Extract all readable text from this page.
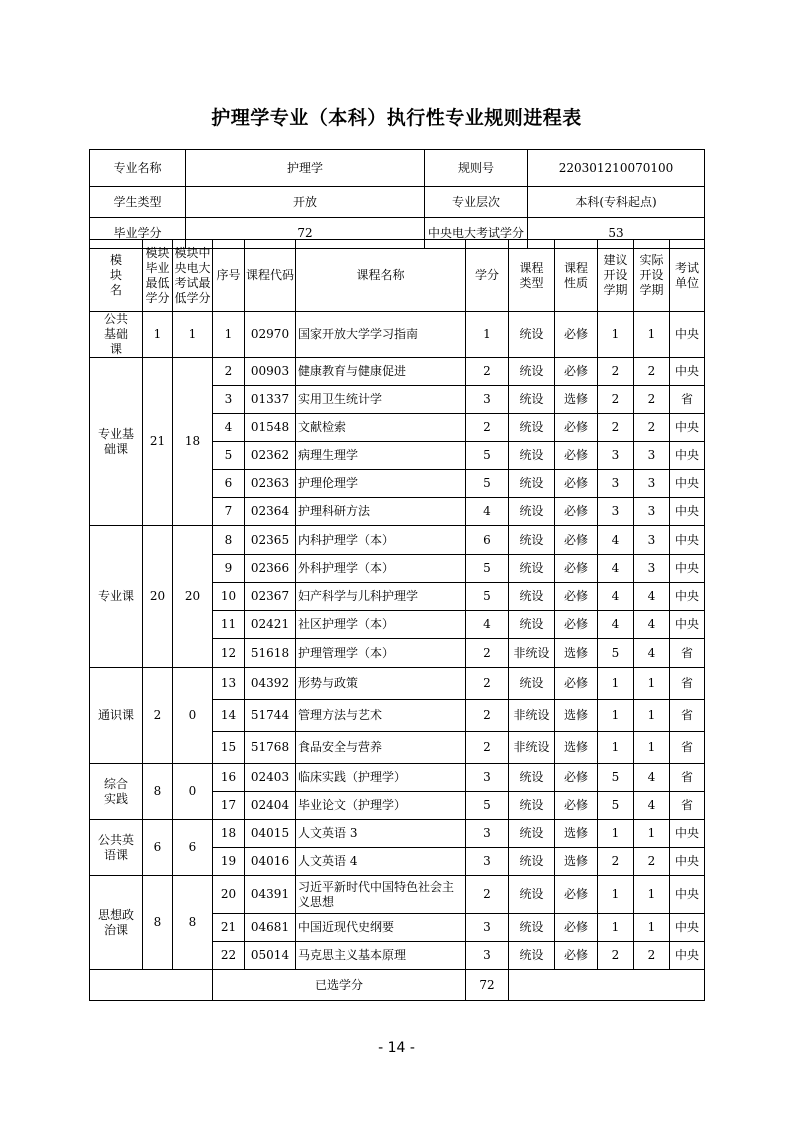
护理学专业（本科）执行性专业规则进程表
专业名称	护理学	规则号	220301210070100
学生类型	开放	专业层次	本科(专科起点)
毕业学分	72	中央电大考试学分	53
模块名	模块毕业最低学分	模块中央电大考试最低学分	序号	课程代码	课程名称	学分	课程类型	课程性质	建议开设学期	实际开设学期	考试单位
公共基础课	1	1	1	02970	国家开放大学学习指南	1	统设	必修	1	1	中央
专业基础课	21	18	2	00903	健康教育与健康促进	2	统设	必修	2	2	中央
			3	01337	实用卫生统计学	3	统设	选修	2	2	省
			4	01548	文献检索	2	统设	必修	2	2	中央
			5	02362	病理生理学	5	统设	必修	3	3	中央
			6	02363	护理伦理学	5	统设	必修	3	3	中央
			7	02364	护理科研方法	4	统设	必修	3	3	中央
专业课	20	20	8	02365	内科护理学（本）	6	统设	必修	4	3	中央
			9	02366	外科护理学（本）	5	统设	必修	4	3	中央
			10	02367	妇产科学与儿科护理学	5	统设	必修	4	4	中央
			11	02421	社区护理学（本）	4	统设	必修	4	4	中央
			12	51618	护理管理学（本）	2	非统设	选修	5	4	省
通识课	2	0	13	04392	形势与政策	2	统设	必修	1	1	省
			14	51744	管理方法与艺术	2	非统设	选修	1	1	省
			15	51768	食品安全与营养	2	非统设	选修	1	1	省
综合实践	8	0	16	02403	临床实践（护理学）	3	统设	必修	5	4	省
			17	02404	毕业论文（护理学）	5	统设	必修	5	4	省
公共英语课	6	6	18	04015	人文英语 3	3	统设	选修	1	1	中央
			19	04016	人文英语 4	3	统设	选修	2	2	中央
思想政治课	8	8	20	04391	习近平新时代中国特色社会主义思想	2	统设	必修	1	1	中央
			21	04681	中国近现代史纲要	3	统设	必修	1	1	中央
			22	05014	马克思主义基本原理	3	统设	必修	2	2	中央
			已选学分			72					
- 14 -
